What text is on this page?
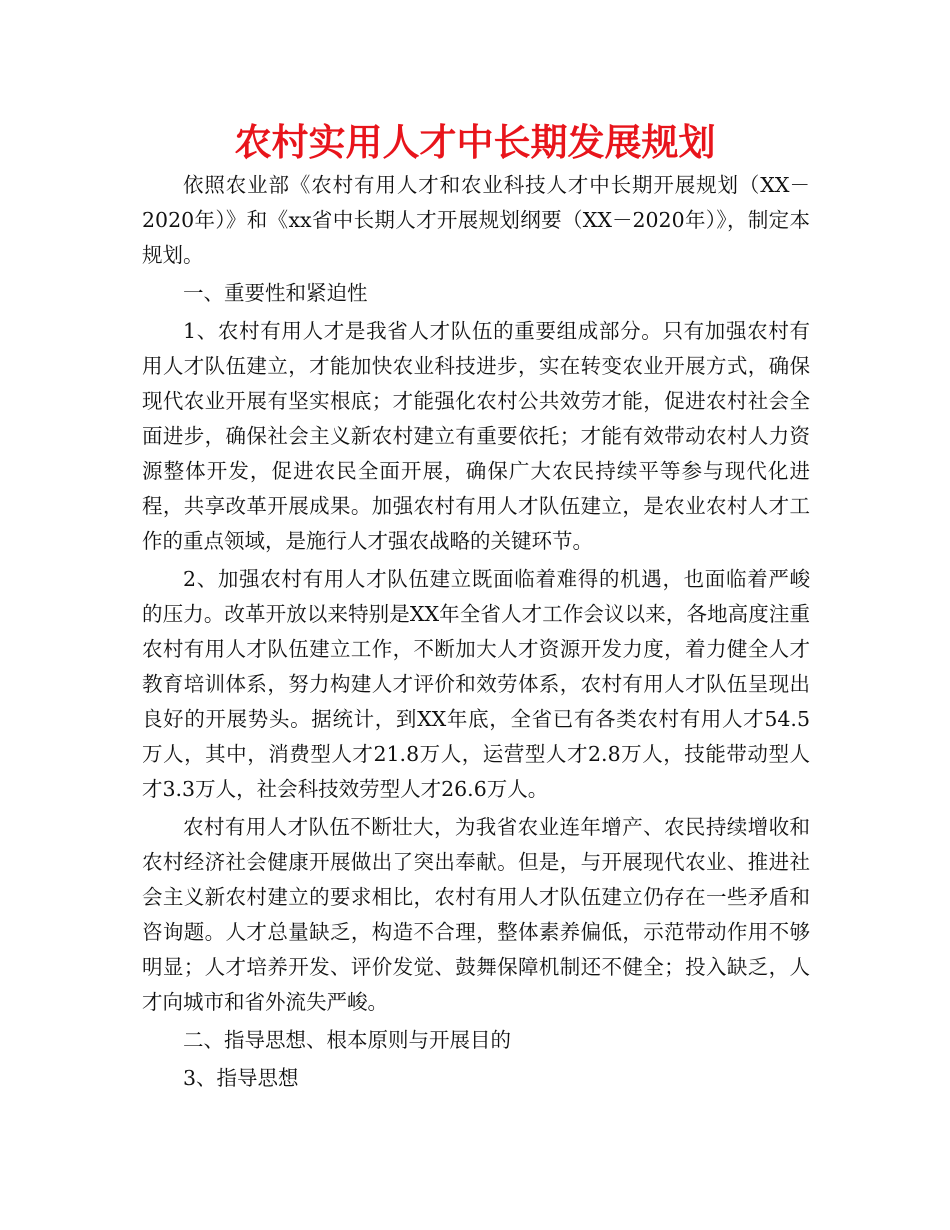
农村实用人才中长期发展规划

依照农业部《农村有用人才和农业科技人才中长期开展规划（XX－2020年）》和《xx省中长期人才开展规划纲要（XX－2020年）》，制定本规划。

一、重要性和紧迫性

1、农村有用人才是我省人才队伍的重要组成部分。只有加强农村有用人才队伍建立，才能加快农业科技进步，实在转变农业开展方式，确保现代农业开展有坚实根底；才能强化农村公共效劳才能，促进农村社会全面进步，确保社会主义新农村建立有重要依托；才能有效带动农村人力资源整体开发，促进农民全面开展，确保广大农民持续平等参与现代化进程，共享改革开展成果。加强农村有用人才队伍建立，是农业农村人才工作的重点领域，是施行人才强农战略的关键环节。

2、加强农村有用人才队伍建立既面临着难得的机遇，也面临着严峻的压力。改革开放以来特别是XX年全省人才工作会议以来，各地高度注重农村有用人才队伍建立工作，不断加大人才资源开发力度，着力健全人才教育培训体系，努力构建人才评价和效劳体系，农村有用人才队伍呈现出良好的开展势头。据统计，到XX年底，全省已有各类农村有用人才54.5万人，其中，消费型人才21.8万人，运营型人才2.8万人，技能带动型人才3.3万人，社会科技效劳型人才26.6万人。

农村有用人才队伍不断壮大，为我省农业连年增产、农民持续增收和农村经济社会健康开展做出了突出奉献。但是，与开展现代农业、推进社会主义新农村建立的要求相比，农村有用人才队伍建立仍存在一些矛盾和咨询题。人才总量缺乏，构造不合理，整体素养偏低，示范带动作用不够明显；人才培养开发、评价发觉、鼓舞保障机制还不健全；投入缺乏，人才向城市和省外流失严峻。

二、指导思想、根本原则与开展目的

3、指导思想
